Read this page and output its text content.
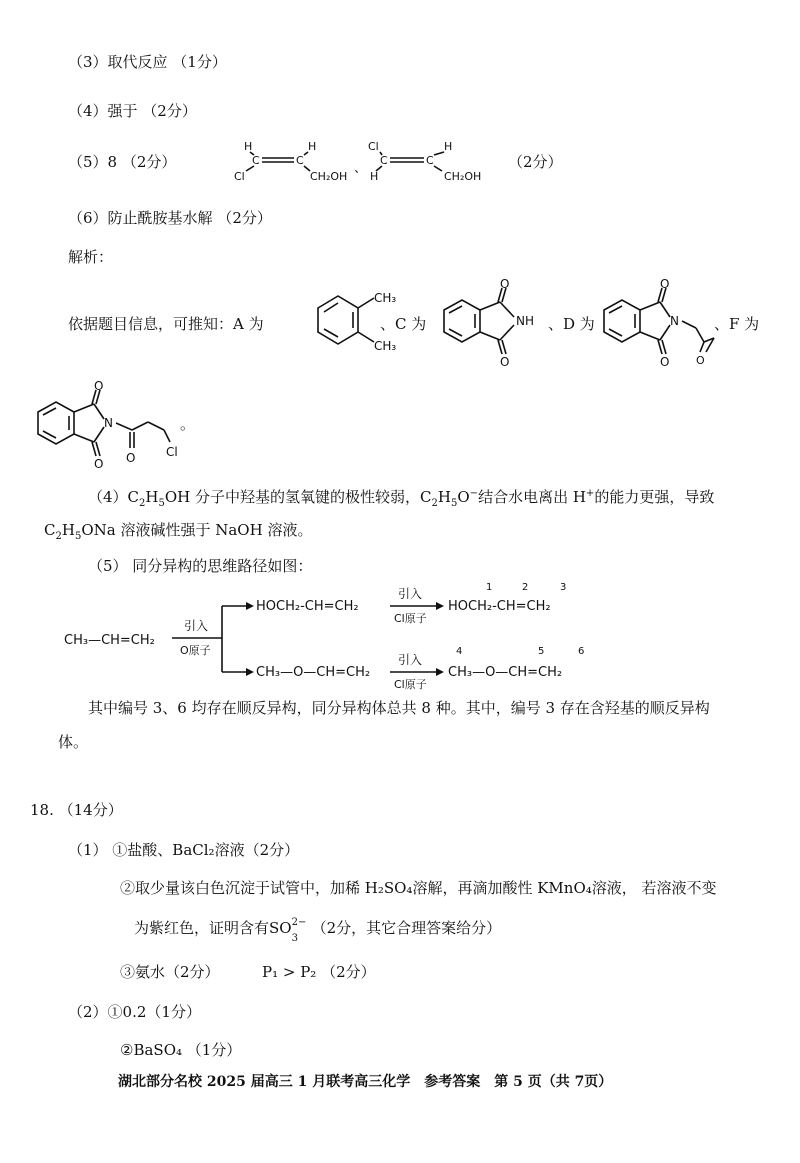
（3）取代反应 （1分）
（4）强于 （2分）
（5）8 （2分）
H	H
C	C
Cl	CH₂OH
、
Cl	H
C	C
H	CH₂OH
（2分）
（6）防止酰胺基水解 （2分）
解析：
依据题目信息，可推知：A 为
CH₃
CH₃
、C 为
O
O
NH 、D 为
O
O
N
O
、F 为
O
O
N
O	Cl
。
$(4)C_2H_5OH$ 分子中羟基的氢氧键的极性较弱，$C_2H_5O^-$结合水电离出 H+的能力更强，导致
$C_2H_5ONa$ 溶液碱性强于 NaOH 溶液。
（5） 同分异构的思维路径如图：
CH₃—CH=CH₂
引入
O原子
HOCH₂-CH=CH₂
引入
Cl原子
HOCH₂-CH=CH₂
1	2	3
CH₃—O—CH=CH₂
引入
Cl原子
CH₃—O—CH=CH₂
4	5	6
其中编号 3、6 均存在顺反异构，同分异构体总共 8 种。其中，编号 3 存在含羟基的顺反异构
体。
18. （14分）
（1） ①盐酸、BaCl₂溶液（2分）
②取少量该白色沉淀于试管中，加稀 H₂SO₄溶解，再滴加酸性 KMnO₄溶液， 若溶液不变
为紫红色，证明含有SO 2−
3
（2分，其它合理答案给分）
③氨水（2分）	P₁ > P₂ （2分）
（2）①0.2（1分）
②BaSO₄ （1分）
湖北部分名校 2025 届高三 1 月联考高三化学　参考答案　第 5 页（共 7页）
